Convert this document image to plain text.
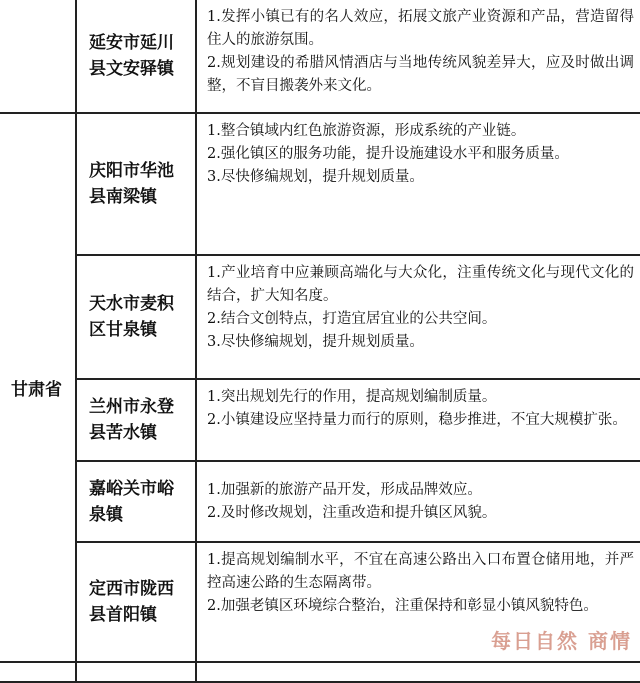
	延安市延川县文安驿镇	1.发挥小镇已有的名人效应，拓展文旅产业资源和产品，营造留得住人的旅游氛围。

2.规划建设的希腊风情酒店与当地传统风貌差异大，应及时做出调整，不盲目搬袭外来文化。

甘肃省	庆阳市华池县南梁镇	1.整合镇域内红色旅游资源，形成系统的产业链。

2.强化镇区的服务功能，提升设施建设水平和服务质量。

3.尽快修编规划，提升规划质量。

	天水市麦积区甘泉镇	1.产业培育中应兼顾高端化与大众化，注重传统文化与现代文化的结合，扩大知名度。

2.结合文创特点，打造宜居宜业的公共空间。

3.尽快修编规划，提升规划质量。

	兰州市永登县苦水镇	1.突出规划先行的作用，提高规划编制质量。

2.小镇建设应坚持量力而行的原则，稳步推进，不宜大规模扩张。

	嘉峪关市峪泉镇	1.加强新的旅游产品开发，形成品牌效应。

2.及时修改规划，注重改造和提升镇区风貌。

	定西市陇西县首阳镇	1.提高规划编制水平，不宜在高速公路出入口布置仓储用地，并严控高速公路的生态隔离带。

2.加强老镇区环境综合整治，注重保持和彰显小镇风貌特色。

每日自然 商情
